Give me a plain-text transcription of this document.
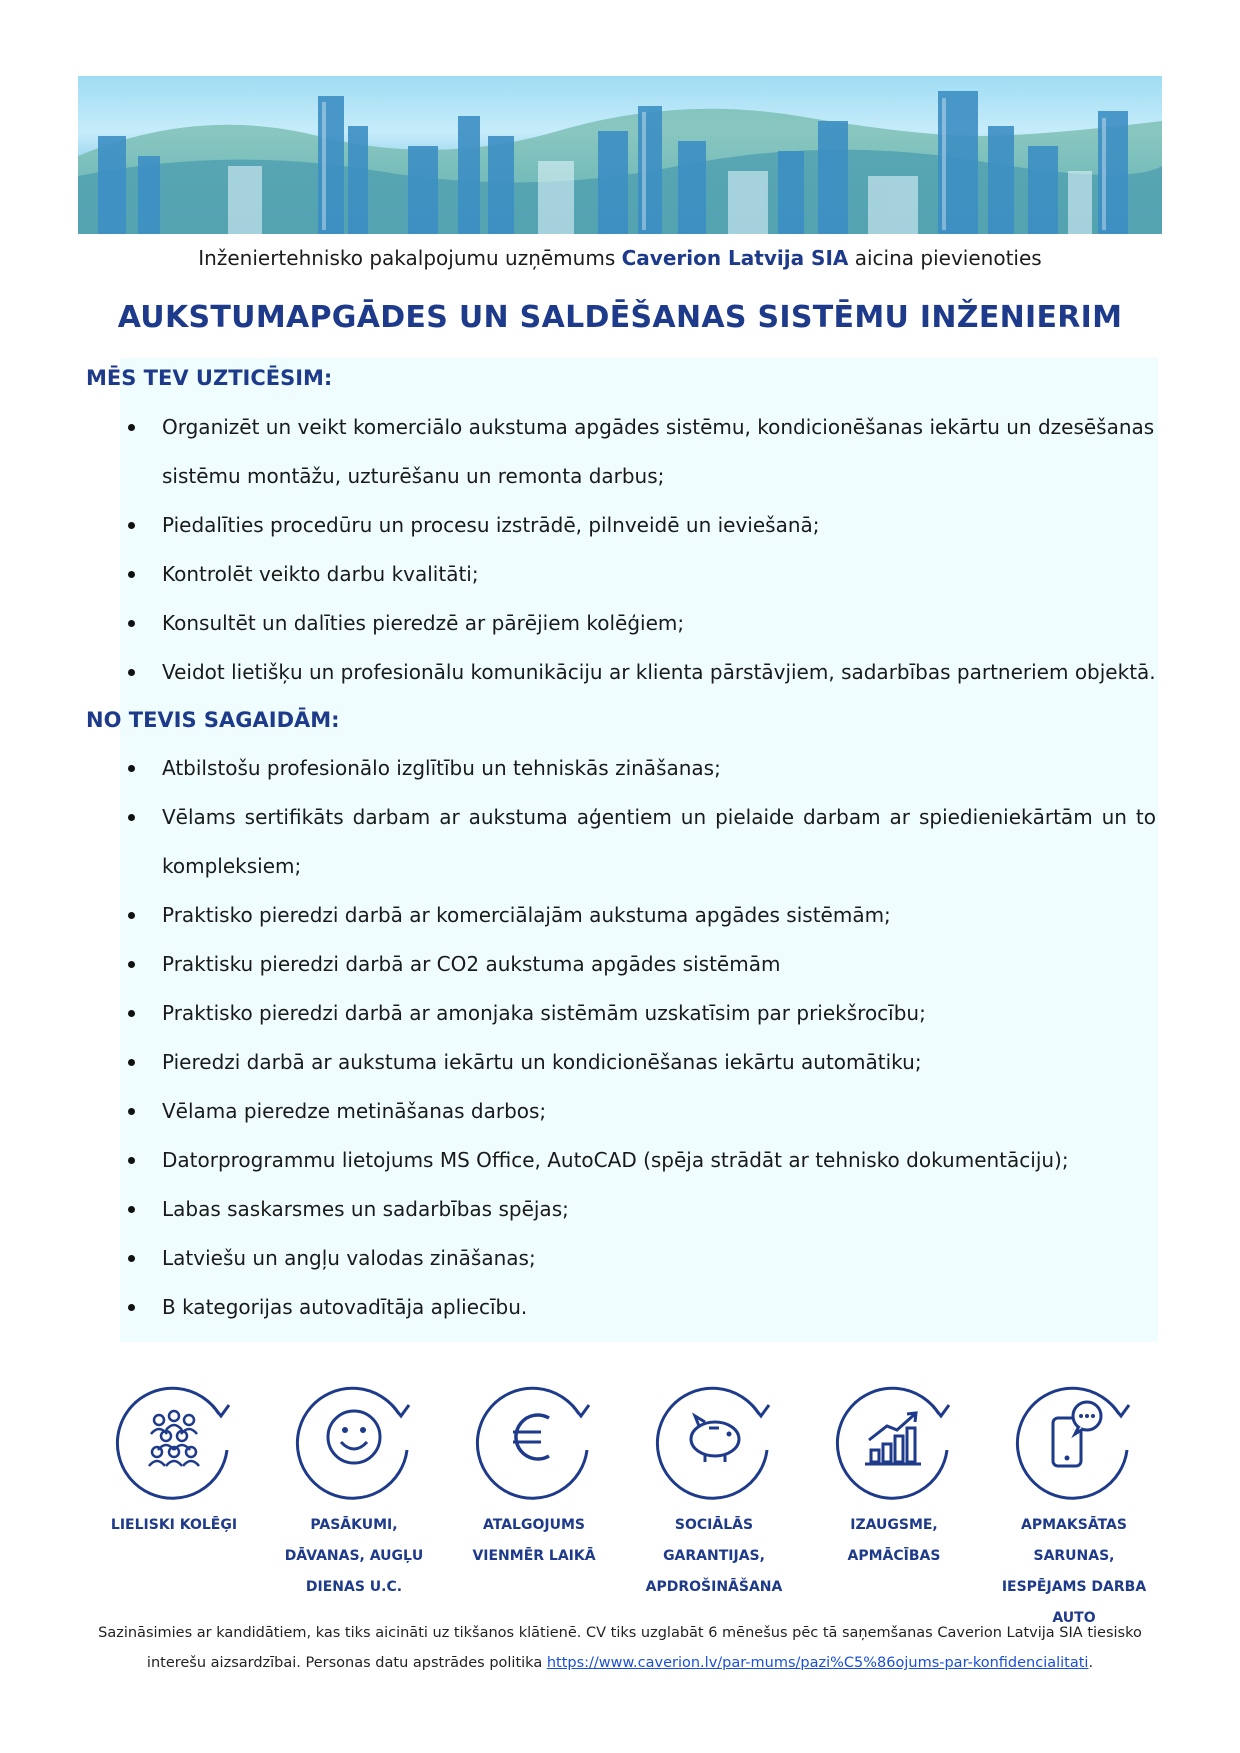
Inženiertehnisko pakalpojumu uzņēmums Caverion Latvija SIA aicina pievienoties
AUKSTUMAPGĀDES UN SALDĒŠANAS SISTĒMU INŽENIERIM
MĒS TEV UZTICĒSIM:
Organizēt un veikt komerciālo aukstuma apgādes sistēmu, kondicionēšanas iekārtu un dzesēšanas sistēmu montāžu, uzturēšanu un remonta darbus;
Piedalīties procedūru un procesu izstrādē, pilnveidē un ieviešanā;
Kontrolēt veikto darbu kvalitāti;
Konsultēt un dalīties pieredzē ar pārējiem kolēģiem;
Veidot lietišķu un profesionālu komunikāciju ar klienta pārstāvjiem, sadarbības partneriem objektā.
NO TEVIS SAGAIDĀM:
Atbilstošu profesionālo izglītību un tehniskās zināšanas;
Vēlams sertifikāts darbam ar aukstuma aģentiem un pielaide darbam ar spiedieniekārtām un to kompleksiem;
Praktisko pieredzi darbā ar komerciālajām aukstuma apgādes sistēmām;
Praktisku pieredzi darbā ar CO2 aukstuma apgādes sistēmām
Praktisko pieredzi darbā ar amonjaka sistēmām uzskatīsim par priekšrocību;
Pieredzi darbā ar aukstuma iekārtu un kondicionēšanas iekārtu automātiku;
Vēlama pieredze metināšanas darbos;
Datorprogrammu lietojums MS Office, AutoCAD (spēja strādāt ar tehnisko dokumentāciju);
Labas saskarsmes un sadarbības spējas;
Latviešu un angļu valodas zināšanas;
B kategorijas autovadītāja apliecību.
LIELISKI KOLĒĢI	PASĀKUMI, DĀVANAS, AUGĻU DIENAS U.C.
ATALGOJUMS VIENMĒR LAIKĀ
SOCIĀLĀS GARANTIJAS, APDROŠINĀŠANA
IZAUGSME, APMĀCĪBAS
APMAKSĀTAS SARUNAS, IESPĒJAMS DARBA AUTO
Sazināsimies ar kandidātiem, kas tiks aicināti uz tikšanos klātienē. CV tiks uzglabāt 6 mēnešus pēc tā saņemšanas Caverion Latvija SIA tiesisko interešu aizsardzībai. Personas datu apstrādes politika https://www.caverion.lv/par-mums/pazi%C5%86ojums-par-konfidencialitati.
